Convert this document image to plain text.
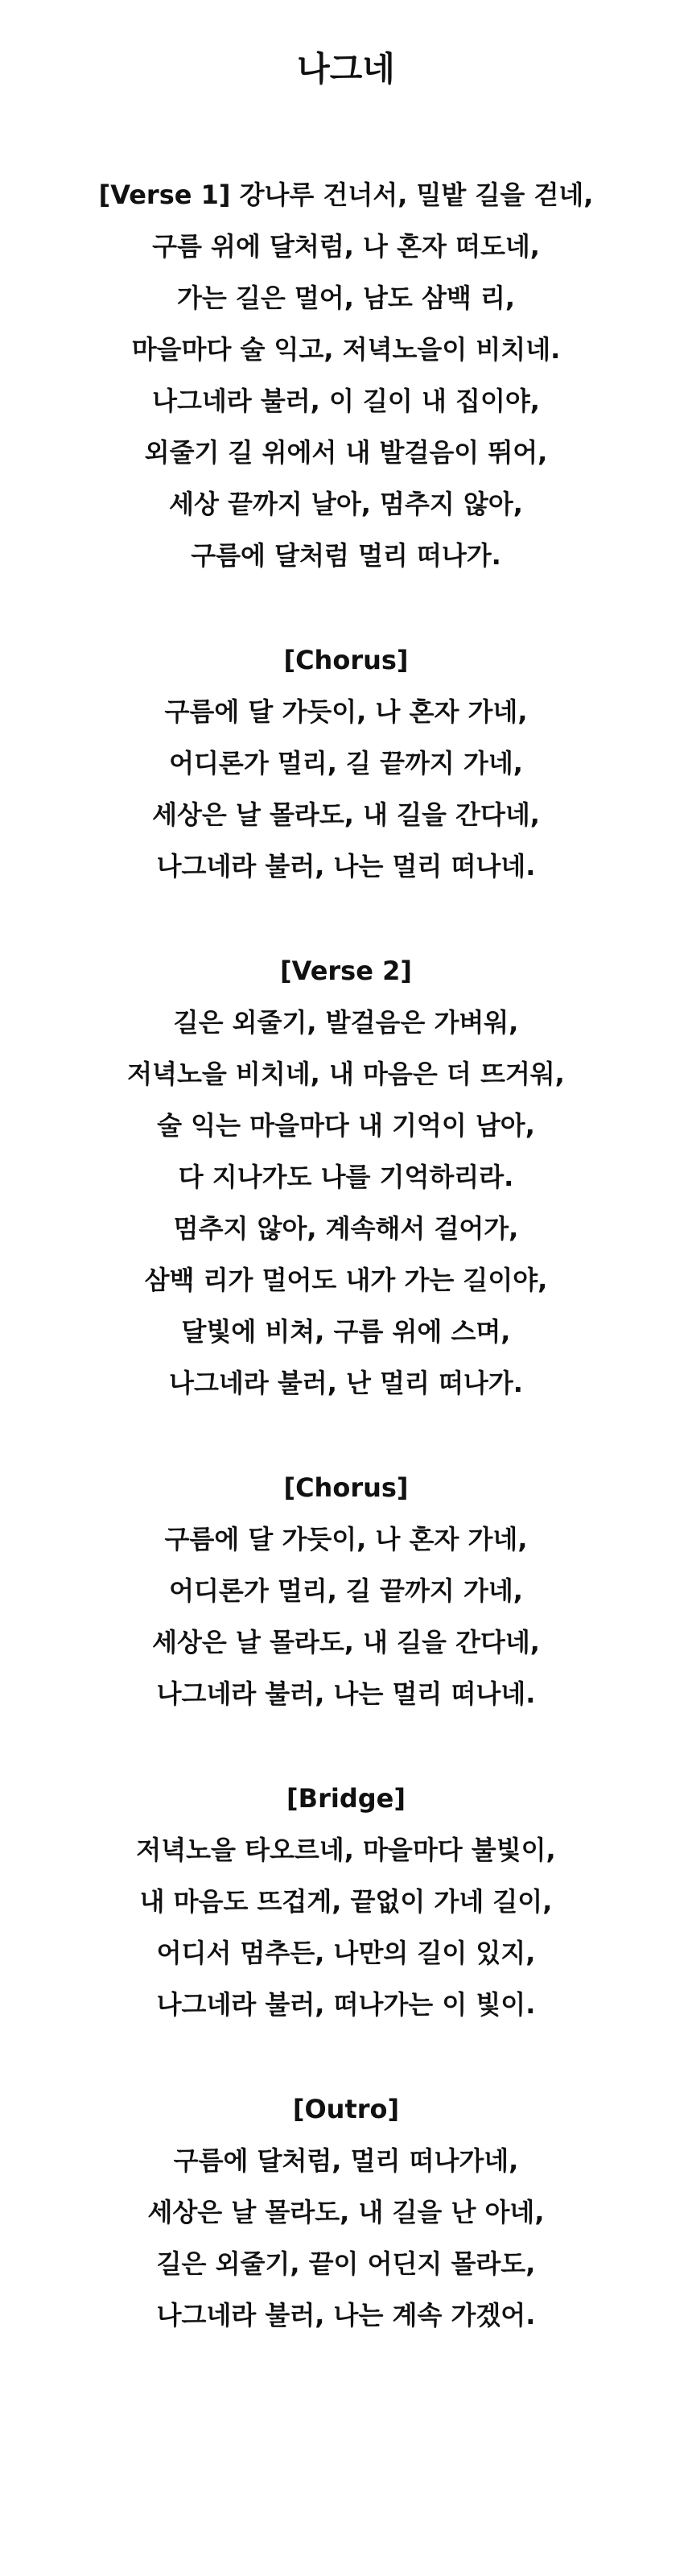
나그네
[Verse 1] 강나루 건너서, 밀밭 길을 걷네,
구름 위에 달처럼, 나 혼자 떠도네,
가는 길은 멀어, 남도 삼백 리,
마을마다 술 익고, 저녁노을이 비치네.
나그네라 불러, 이 길이 내 집이야,
외줄기 길 위에서 내 발걸음이 뛰어,
세상 끝까지 날아, 멈추지 않아,
구름에 달처럼 멀리 떠나가.
[Chorus]
구름에 달 가듯이, 나 혼자 가네,
어디론가 멀리, 길 끝까지 가네,
세상은 날 몰라도, 내 길을 간다네,
나그네라 불러, 나는 멀리 떠나네.
[Verse 2]
길은 외줄기, 발걸음은 가벼워,
저녁노을 비치네, 내 마음은 더 뜨거워,
술 익는 마을마다 내 기억이 남아,
다 지나가도 나를 기억하리라.
멈추지 않아, 계속해서 걸어가,
삼백 리가 멀어도 내가 가는 길이야,
달빛에 비쳐, 구름 위에 스며,
나그네라 불러, 난 멀리 떠나가.
[Chorus]
구름에 달 가듯이, 나 혼자 가네,
어디론가 멀리, 길 끝까지 가네,
세상은 날 몰라도, 내 길을 간다네,
나그네라 불러, 나는 멀리 떠나네.
[Bridge]
저녁노을 타오르네, 마을마다 불빛이,
내 마음도 뜨겁게, 끝없이 가네 길이,
어디서 멈추든, 나만의 길이 있지,
나그네라 불러, 떠나가는 이 빛이.
[Outro]
구름에 달처럼, 멀리 떠나가네,
세상은 날 몰라도, 내 길을 난 아네,
길은 외줄기, 끝이 어딘지 몰라도,
나그네라 불러, 나는 계속 가겠어.
